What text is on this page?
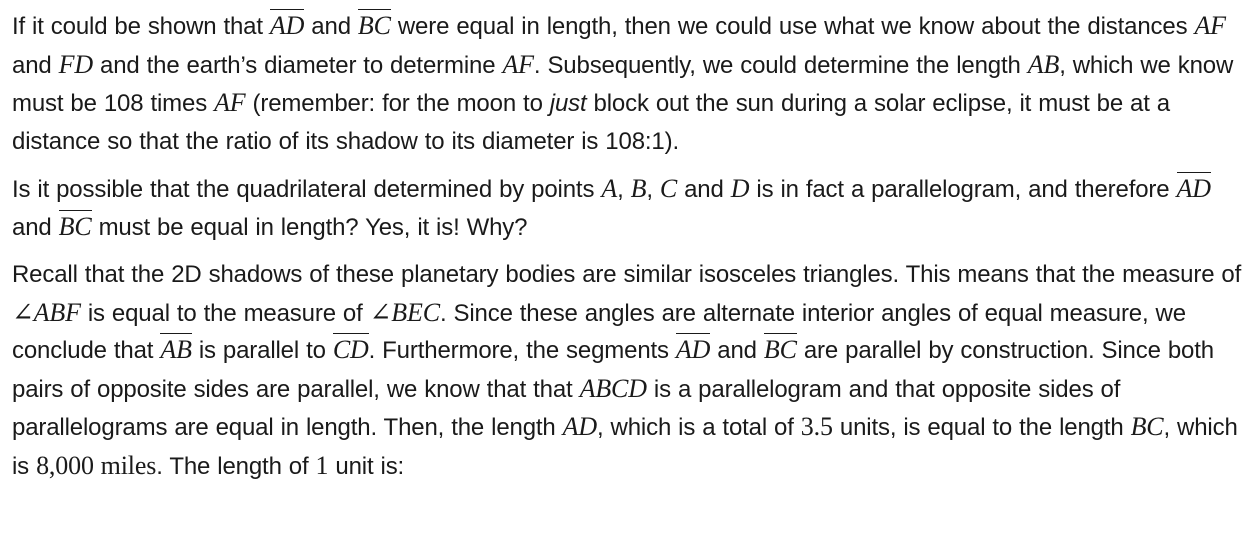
If it could be shown that AD and BC were equal in length, then we could use what we know about the distances AF and FD and the earth’s diameter to determine AF. Subsequently, we could determine the length AB, which we know must be 108 times AF (remember: for the moon to just block out the sun during a solar eclipse, it must be at a distance so that the ratio of its shadow to its diameter is 108:1).

Is it possible that the quadrilateral determined by points A, B, C and D is in fact a parallelogram, and therefore AD and BC must be equal in length? Yes, it is! Why?

Recall that the 2D shadows of these planetary bodies are similar isosceles triangles. This means that the measure of ∠ABF is equal to the measure of ∠BEC. Since these angles are alternate interior angles of equal measure, we conclude that AB is parallel to CD. Furthermore, the segments AD and BC are parallel by construction. Since both pairs of opposite sides are parallel, we know that that ABCD is a parallelogram and that opposite sides of parallelograms are equal in length. Then, the length AD, which is a total of 3.5 units, is equal to the length BC, which is 8,000 miles. The length of 1 unit is:
